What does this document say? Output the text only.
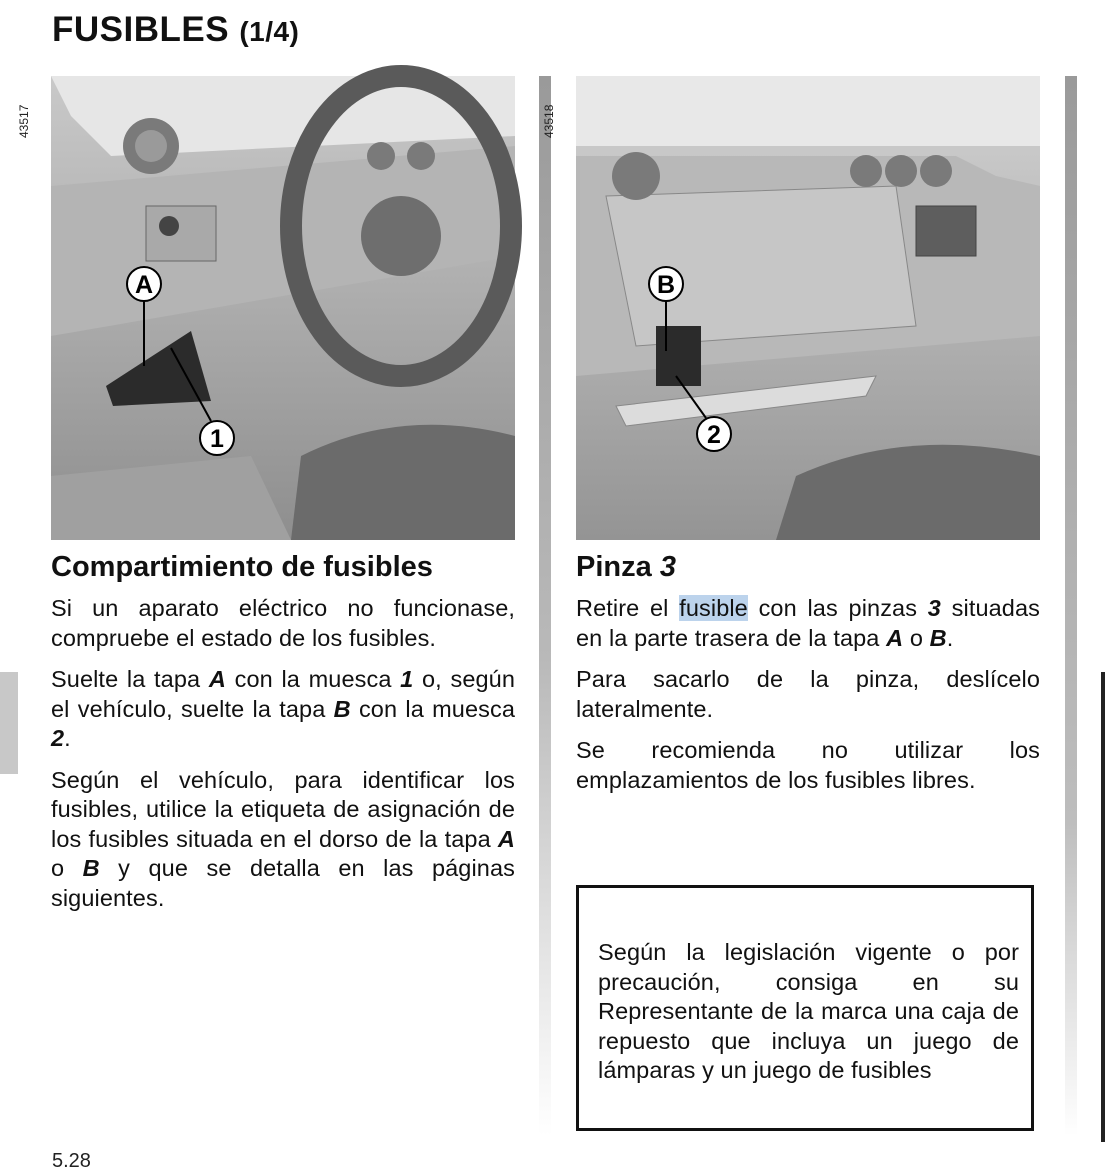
FUSIBLES (1/4)
A
1
43517
Compartimiento de fusibles

Si un aparato eléctrico no funcionase, compruebe el estado de los fusibles.

Suelte la tapa A con la muesca 1 o, según el vehículo, suelte la tapa B con la muesca 2.

Según el vehículo, para identificar los fusibles, utilice la etiqueta de asignación de los fusibles situada en el dorso de la tapa A o B y que se detalla en las páginas siguientes.

B
2
43518
Pinza 3

Retire el fusible con las pinzas 3 situadas en la parte trasera de la tapa A o B.

Para sacarlo de la pinza, deslícelo lateralmente.

Se recomienda no utilizar los emplazamientos de los fusibles libres.

Según la legislación vigente o por precaución, consiga en su Representante de la marca una caja de repuesto que incluya un juego de lámparas y un juego de fusibles

5.28
